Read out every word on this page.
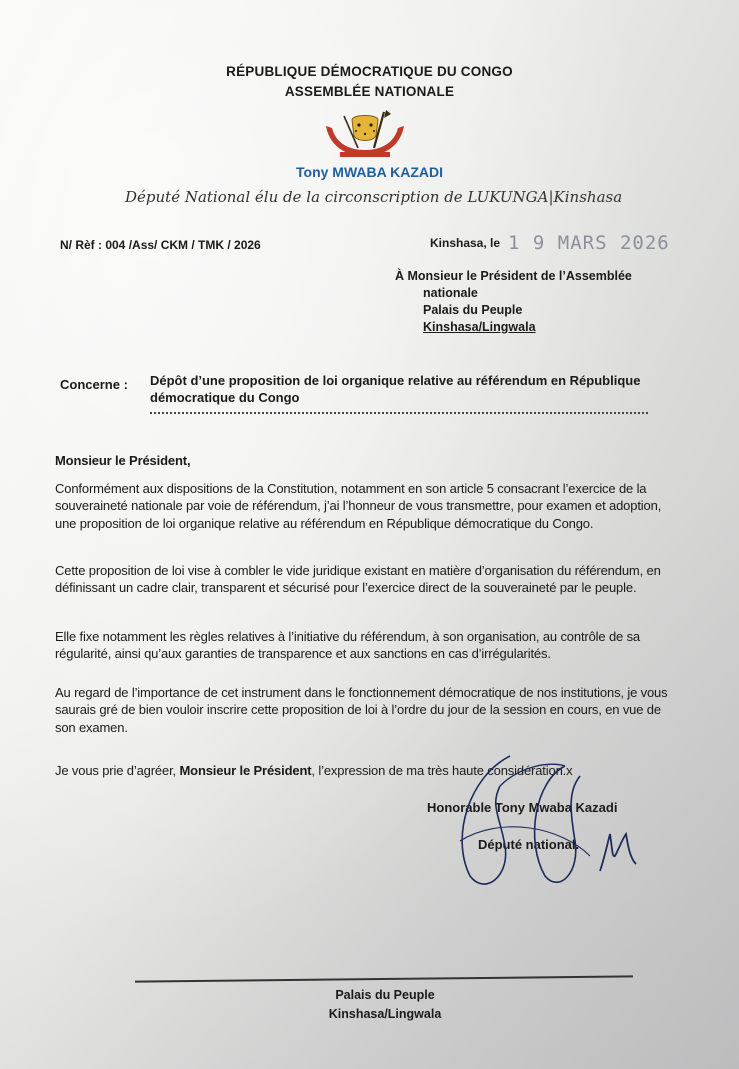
RÉPUBLIQUE DÉMOCRATIQUE DU CONGO
ASSEMBLÉE NATIONALE
Tony MWABA KAZADI
Député National élu de la circonscription de LUKUNGA|Kinshasa
N/ Rèf : 004 /Ass/ CKM / TMK / 2026	Kinshasa, le 1 9 MARS 2026
À Monsieur le Président de l’Assemblée
nationale
Palais du Peuple
Kinshasa/Lingwala
Concerne : Dépôt d’une proposition de loi organique relative au référendum en République démocratique du Congo
Monsieur le Président,
Conformément aux dispositions de la Constitution, notamment en son article 5 consacrant l’exercice de la souveraineté nationale par voie de référendum, j’ai l’honneur de vous transmettre, pour examen et adoption, une proposition de loi organique relative au référendum en République démocratique du Congo.
Cette proposition de loi vise à combler le vide juridique existant en matière d’organisation du référendum, en définissant un cadre clair, transparent et sécurisé pour l’exercice direct de la souveraineté par le peuple.
Elle fixe notamment les règles relatives à l’initiative du référendum, à son organisation, au contrôle de sa régularité, ainsi qu’aux garanties de transparence et aux sanctions en cas d’irrégularités.
Au regard de l’importance de cet instrument dans le fonctionnement démocratique de nos institutions, je vous saurais gré de bien vouloir inscrire cette proposition de loi à l’ordre du jour de la session en cours, en vue de son examen.
Je vous prie d’agréer, Monsieur le Président, l’expression de ma très haute considération.x
Honorable Tony Mwaba Kazadi
Député national.
Palais du Peuple
Kinshasa/Lingwala
